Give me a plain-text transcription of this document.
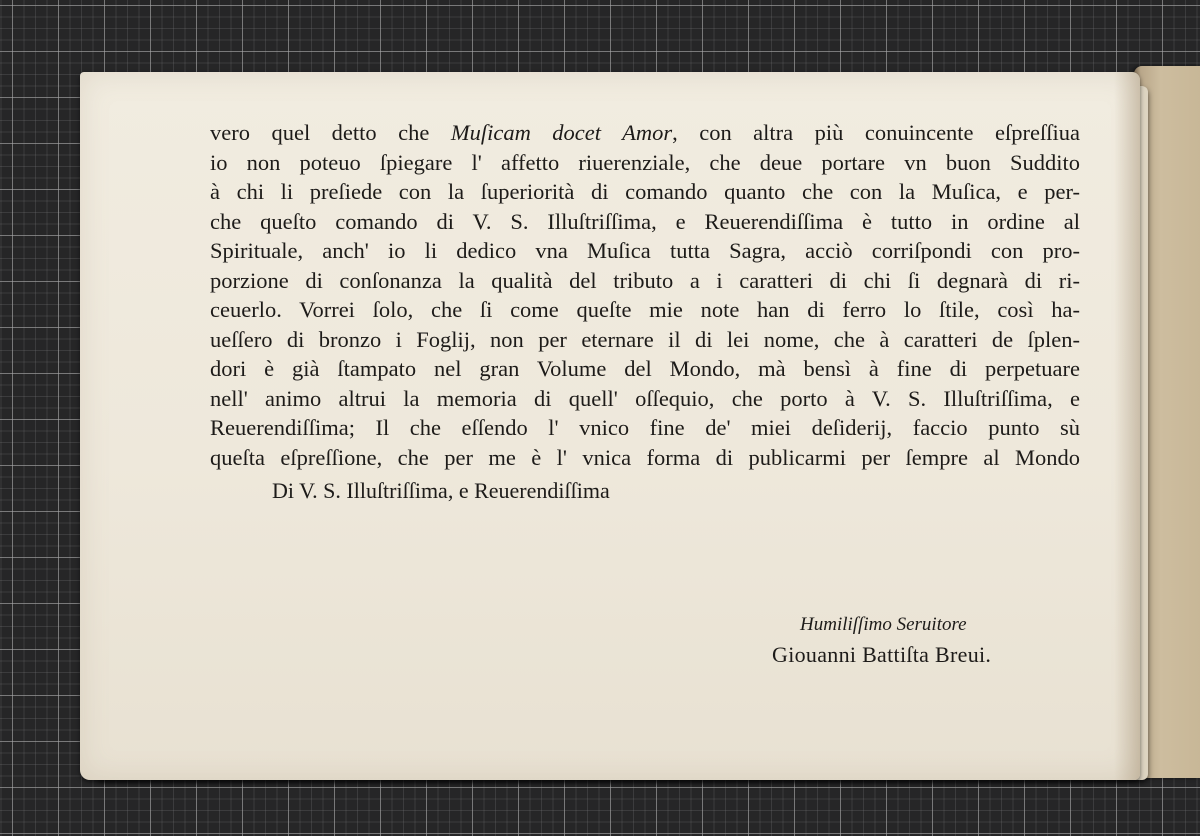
vero quel detto che Muſicam docet Amor, con altra più conuincente eſpreſſiua
io non poteuo ſpiegare l' affetto riuerenziale, che deue portare vn buon Suddito
à chi li preſiede con la ſuperiorità di comando quanto che con la Muſica, e per-
che queſto comando di V. S. Illuſtriſſima, e Reuerendiſſima è tutto in ordine al
Spirituale, anch' io li dedico vna Muſica tutta Sagra, acciò corriſpondi con pro-
porzione di conſonanza la qualità del tributo a i caratteri di chi ſi degnarà di ri-
ceuerlo. Vorrei ſolo, che ſi come queſte mie note han di ferro lo ſtile, così ha-
ueſſero di bronzo i Foglij, non per eternare il di lei nome, che à caratteri de ſplen-
dori è già ſtampato nel gran Volume del Mondo, mà bensì à fine di perpetuare
nell' animo altrui la memoria di quell' oſſequio, che porto à V. S. Illuſtriſſima, e
Reuerendiſſima; Il che eſſendo l' vnico fine de' miei deſiderij, faccio punto sù
queſta eſpreſſione, che per me è l' vnica forma di publicarmi per ſempre al Mondo
Di V. S. Illuſtriſſima, e Reuerendiſſima
Humiliſſimo Seruitore
Giouanni Battiſta Breui.
